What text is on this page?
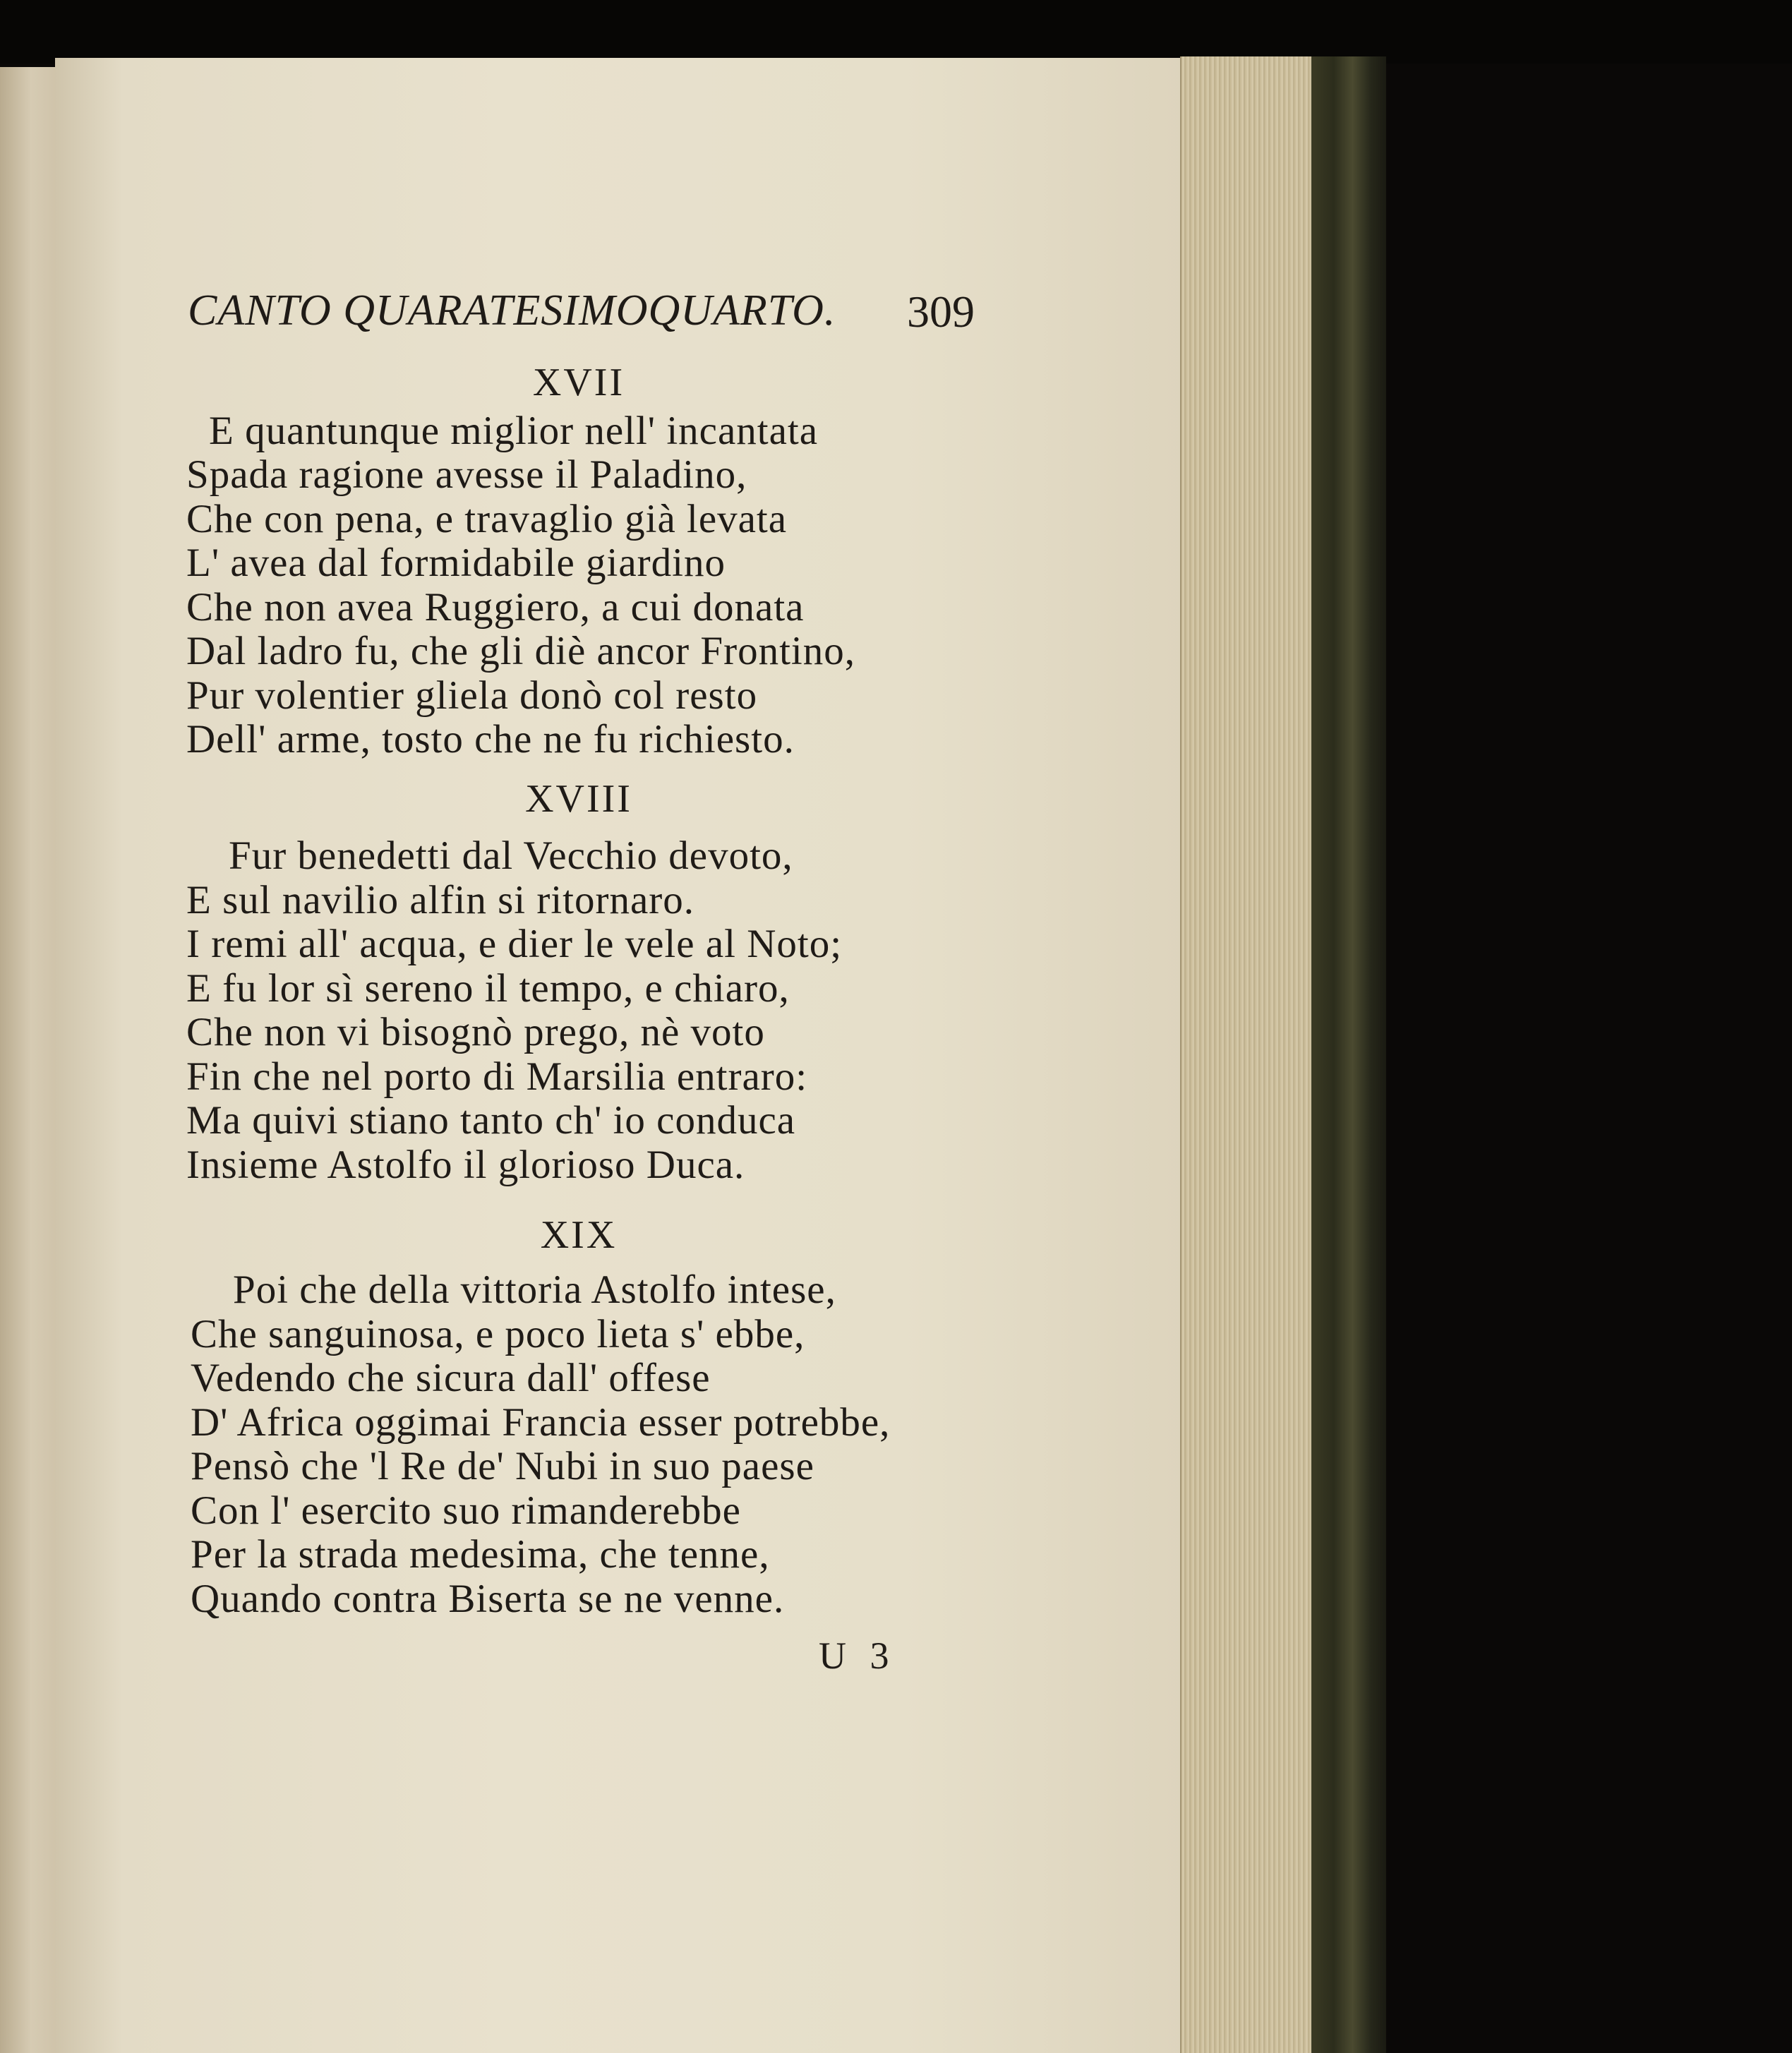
CANTO QUARATESIMOQUARTO. 309
XVII
E quantunque miglior nell' incantata
Spada ragione avesse il Paladino,
Che con pena, e travaglio già levata
L' avea dal formidabile giardino
Che non avea Ruggiero, a cui donata
Dal ladro fu, che gli diè ancor Frontino,
Pur volentier gliela donò col resto
Dell' arme, tosto che ne fu richiesto.
XVIII
Fur benedetti dal Vecchio devoto,
E sul navilio alfin si ritornaro.
I remi all' acqua, e dier le vele al Noto;
E fu lor sì sereno il tempo, e chiaro,
Che non vi bisognò prego, nè voto
Fin che nel porto di Marsilia entraro:
Ma quivi stiano tanto ch' io conduca
Insieme Astolfo il glorioso Duca.
XIX
Poi che della vittoria Astolfo intese,
Che sanguinosa, e poco lieta s' ebbe,
Vedendo che sicura dall' offese
D' Africa oggimai Francia esser potrebbe,
Pensò che 'l Re de' Nubi in suo paese
Con l' esercito suo rimanderebbe
Per la strada medesima, che tenne,
Quando contra Biserta se ne venne.
U 3
